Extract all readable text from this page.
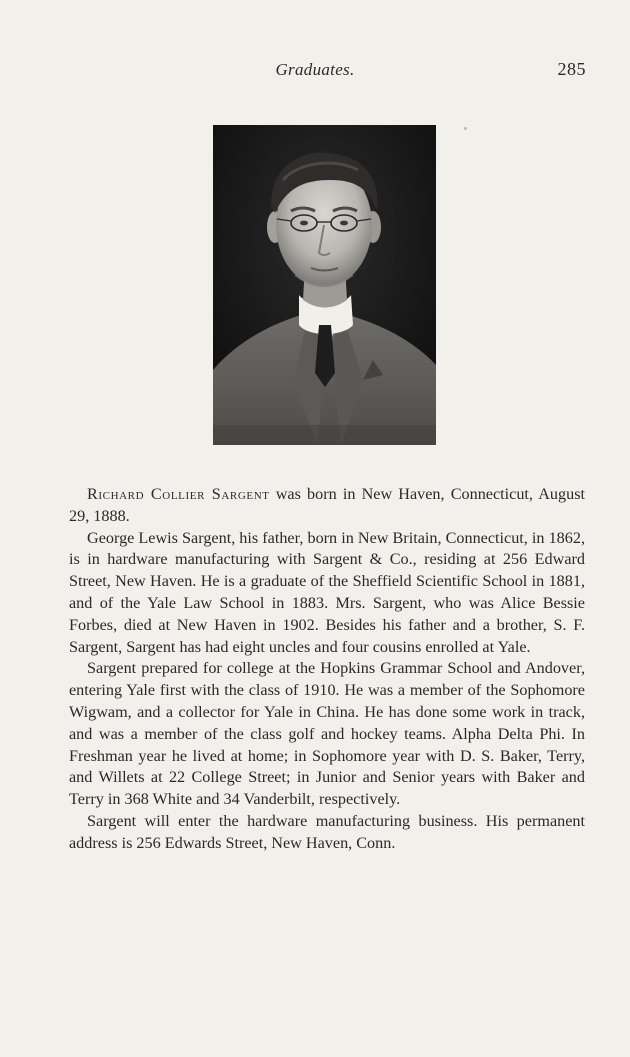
Graduates.	285

Richard Collier Sargent was born in New Haven, Connecticut, August 29, 1888.

George Lewis Sargent, his father, born in New Britain, Connecticut, in 1862, is in hardware manufacturing with Sargent & Co., residing at 256 Edward Street, New Haven. He is a graduate of the Sheffield Scientific School in 1881, and of the Yale Law School in 1883. Mrs. Sargent, who was Alice Bessie Forbes, died at New Haven in 1902. Besides his father and a brother, S. F. Sargent, Sargent has had eight uncles and four cousins enrolled at Yale.

Sargent prepared for college at the Hopkins Grammar School and Andover, entering Yale first with the class of 1910. He was a member of the Sophomore Wigwam, and a collector for Yale in China. He has done some work in track, and was a member of the class golf and hockey teams. Alpha Delta Phi. In Freshman year he lived at home; in Sophomore year with D. S. Baker, Terry, and Willets at 22 College Street; in Junior and Senior years with Baker and Terry in 368 White and 34 Vanderbilt, respectively.

Sargent will enter the hardware manufacturing business. His permanent address is 256 Edwards Street, New Haven, Conn.
